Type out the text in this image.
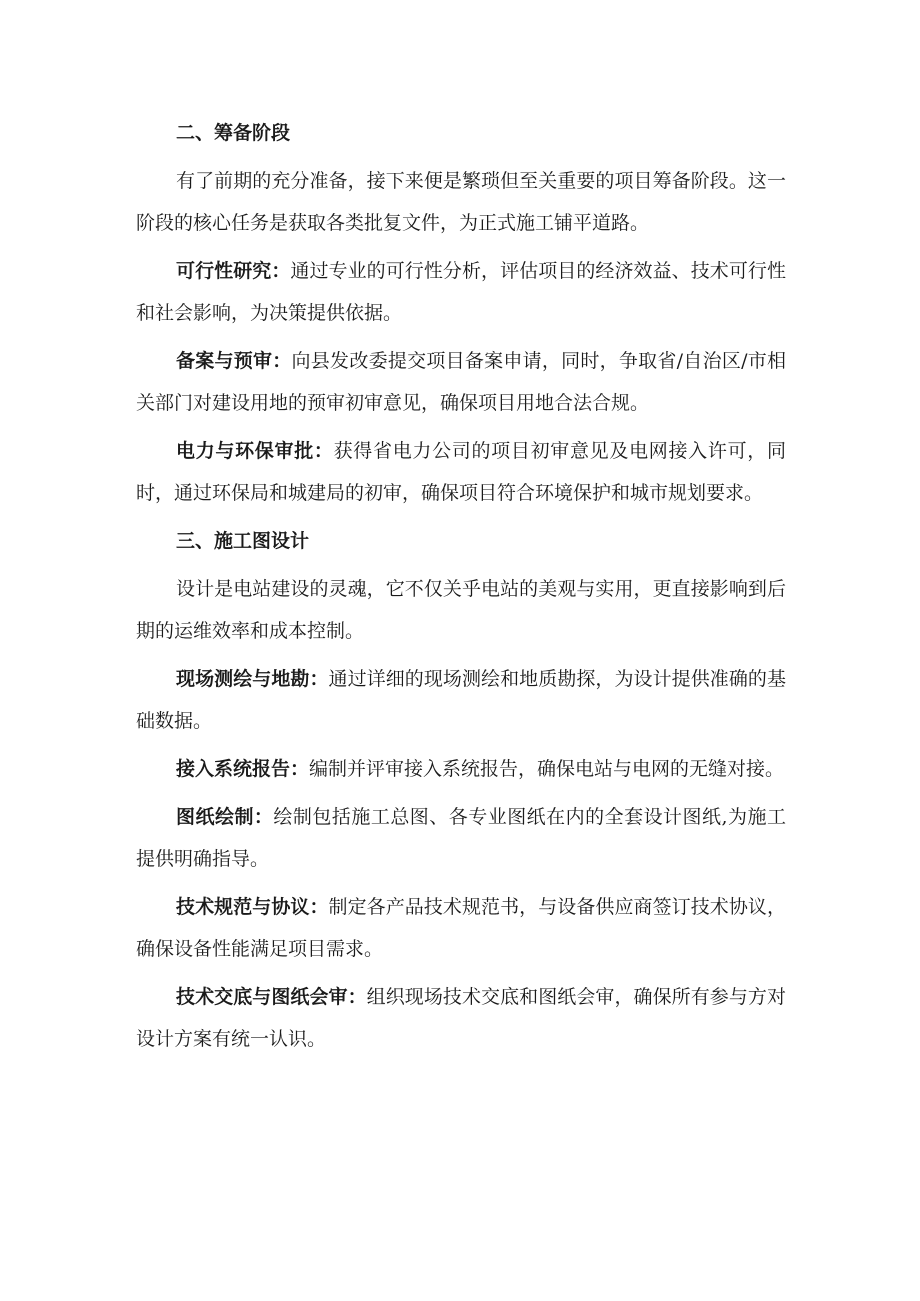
二、筹备阶段

有了前期的充分准备，接下来便是繁琐但至关重要的项目筹备阶段。这一阶段的核心任务是获取各类批复文件，为正式施工铺平道路。

可行性研究：通过专业的可行性分析，评估项目的经济效益、技术可行性和社会影响，为决策提供依据。

备案与预审：向县发改委提交项目备案申请，同时，争取省/自治区/市相关部门对建设用地的预审初审意见，确保项目用地合法合规。

电力与环保审批：获得省电力公司的项目初审意见及电网接入许可，同时，通过环保局和城建局的初审，确保项目符合环境保护和城市规划要求。

三、施工图设计

设计是电站建设的灵魂，它不仅关乎电站的美观与实用，更直接影响到后期的运维效率和成本控制。

现场测绘与地勘：通过详细的现场测绘和地质勘探，为设计提供准确的基础数据。

接入系统报告：编制并评审接入系统报告，确保电站与电网的无缝对接。

图纸绘制：绘制包括施工总图、各专业图纸在内的全套设计图纸,为施工提供明确指导。

技术规范与协议：制定各产品技术规范书，与设备供应商签订技术协议，确保设备性能满足项目需求。

技术交底与图纸会审：组织现场技术交底和图纸会审，确保所有参与方对设计方案有统一认识。
